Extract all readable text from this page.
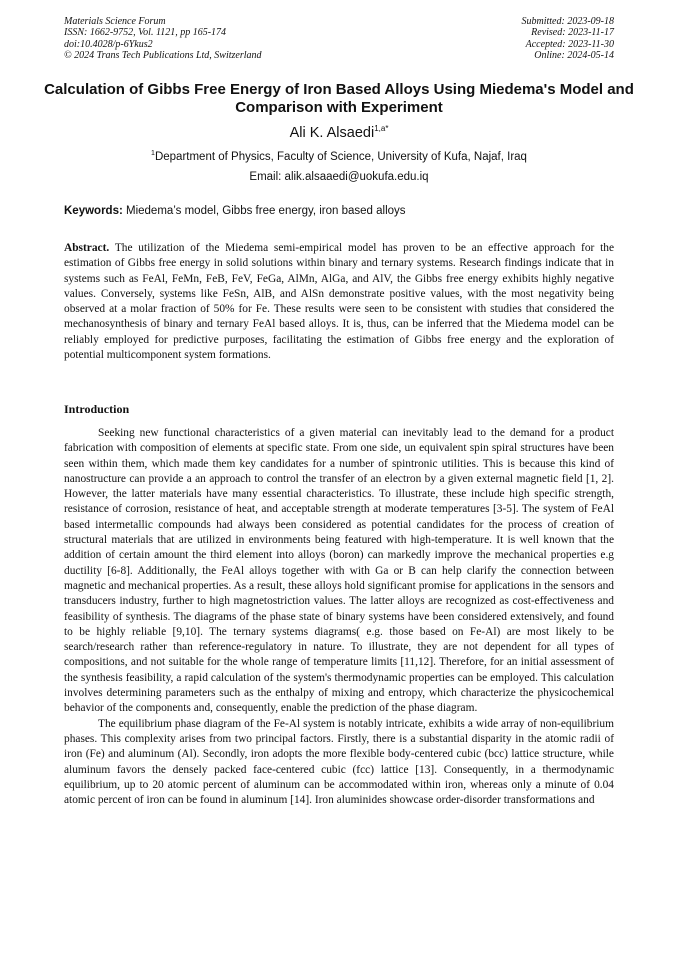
Materials Science Forum
ISSN: 1662-9752, Vol. 1121, pp 165-174
doi:10.4028/p-6Ykus2
© 2024 Trans Tech Publications Ltd, Switzerland
Submitted: 2023-09-18
Revised: 2023-11-17
Accepted: 2023-11-30
Online: 2024-05-14
Calculation of Gibbs Free Energy of Iron Based Alloys Using Miedema's Model and Comparison with Experiment
Ali K. Alsaedi$^{1,a*}$
$^1$Department of Physics, Faculty of Science, University of Kufa, Najaf, Iraq
Email: alik.alsaaedi@uokufa.edu.iq
Keywords: Miedema’s model, Gibbs free energy, iron based alloys
Abstract. The utilization of the Miedema semi-empirical model has proven to be an effective approach for the estimation of Gibbs free energy in solid solutions within binary and ternary systems. Research findings indicate that in systems such as FeAl, FeMn, FeB, FeV, FeGa, AlMn, AlGa, and AlV, the Gibbs free energy exhibits highly negative values. Conversely, systems like FeSn, AlB, and AlSn demonstrate positive values, with the most negativity being observed at a molar fraction of 50% for Fe. These results were seen to be consistent with studies that considered the mechanosynthesis of binary and ternary FeAl based alloys. It is, thus, can be inferred that the Miedema model can be reliably employed for predictive purposes, facilitating the estimation of Gibbs free energy and the exploration of potential multicomponent system formations.
Introduction

Seeking new functional characteristics of a given material can inevitably lead to the demand for a product fabrication with composition of elements at specific state. From one side, un equivalent spin spiral structures have been seen within them, which made them key candidates for a number of spintronic utilities. This is because this kind of nanostructure can provide a an approach to control the transfer of an electron by a given external magnetic field [1, 2]. However, the latter materials have many essential characteristics. To illustrate, these include high specific strength, resistance of corrosion, resistance of heat, and acceptable strength at moderate temperatures [3-5]. The system of FeAl based intermetallic compounds had always been considered as potential candidates for the process of creation of structural materials that are utilized in environments being featured with high-temperature. It is well known that the addition of certain amount the third element into alloys (boron) can markedly improve the mechanical properties e.g ductility [6-8]. Additionally, the FeAl alloys together with with Ga or B can help clarify the connection between magnetic and mechanical properties. As a result, these alloys hold significant promise for applications in the sensors and transducers industry, further to high magnetostriction values. The latter alloys are recognized as cost-effectiveness and feasibility of synthesis. The diagrams of the phase state of binary systems have been considered extensively, and found to be highly reliable [9,10]. The ternary systems diagrams( e.g. those based on Fe-Al) are most likely to be search/research rather than reference-regulatory in nature. To illustrate, they are not dependent for all types of compositions, and not suitable for the whole range of temperature limits [11,12]. Therefore, for an initial assessment of the synthesis feasibility, a rapid calculation of the system's thermodynamic properties can be employed. This calculation involves determining parameters such as the enthalpy of mixing and entropy, which characterize the physicochemical behavior of the components and, consequently, enable the prediction of the phase diagram.

The equilibrium phase diagram of the Fe-Al system is notably intricate, exhibits a wide array of non-equilibrium phases. This complexity arises from two principal factors. Firstly, there is a substantial disparity in the atomic radii of iron (Fe) and aluminum (Al). Secondly, iron adopts the more flexible body-centered cubic (bcc) lattice structure, while aluminum favors the densely packed face-centered cubic (fcc) lattice [13]. Consequently, in a thermodynamic equilibrium, up to 20 atomic percent of aluminum can be accommodated within iron, whereas only a minute of 0.04 atomic percent of iron can be found in aluminum [14]. Iron aluminides showcase order-disorder transformations and
